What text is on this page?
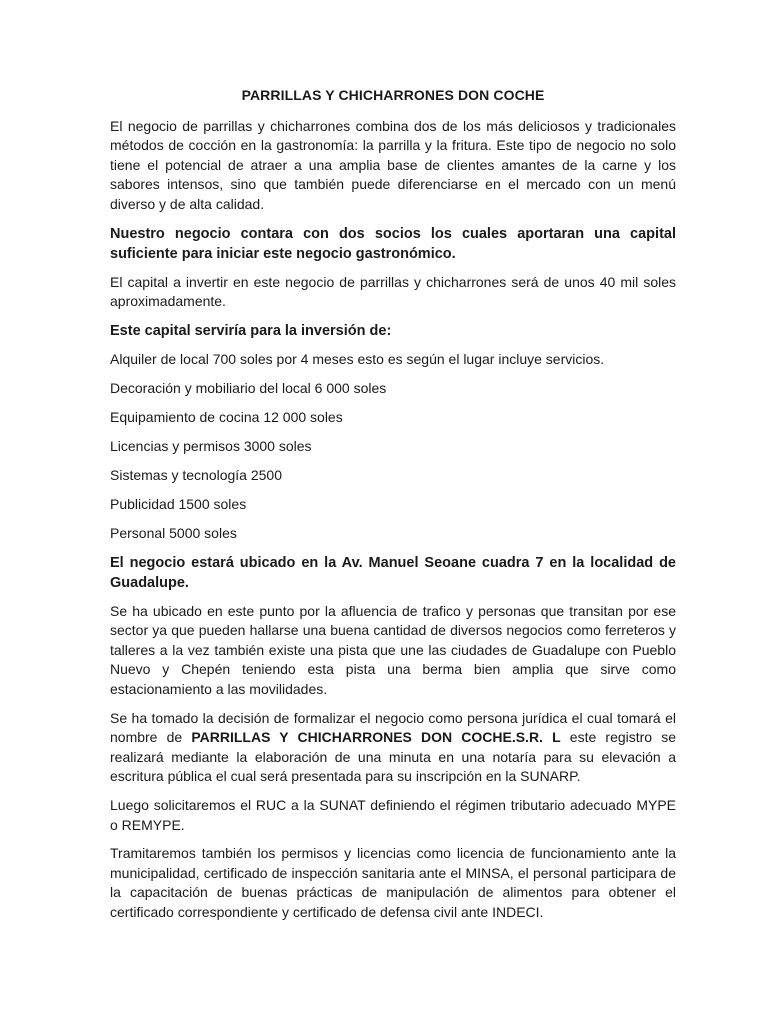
PARRILLAS Y CHICHARRONES DON COCHE

El negocio de parrillas y chicharrones combina dos de los más deliciosos y tradicionales métodos de cocción en la gastronomía: la parrilla y la fritura. Este tipo de negocio no solo tiene el potencial de atraer a una amplia base de clientes amantes de la carne y los sabores intensos, sino que también puede diferenciarse en el mercado con un menú diverso y de alta calidad.

Nuestro negocio contara con dos socios los cuales aportaran una capital suficiente para iniciar este negocio gastronómico.

El capital a invertir en este negocio de parrillas y chicharrones será de unos 40 mil soles aproximadamente.

Este capital serviría para la inversión de:
Alquiler de local 700 soles por 4 meses esto es según el lugar incluye servicios.
Decoración y mobiliario del local 6 000 soles
Equipamiento de cocina 12 000 soles
Licencias y permisos 3000 soles
Sistemas y tecnología 2500
Publicidad 1500 soles
Personal 5000 soles
El negocio estará ubicado en la Av. Manuel Seoane cuadra 7 en la localidad de Guadalupe.

Se ha ubicado en este punto por la afluencia de trafico y personas que transitan por ese sector ya que pueden hallarse una buena cantidad de diversos negocios como ferreteros y talleres a la vez también existe una pista que une las ciudades de Guadalupe con Pueblo Nuevo y Chepén teniendo esta pista una berma bien amplia que sirve como estacionamiento a las movilidades.

Se ha tomado la decisión de formalizar el negocio como persona jurídica el cual tomará el nombre de PARRILLAS Y CHICHARRONES DON COCHE.S.R. L este registro se realizará mediante la elaboración de una minuta en una notaría para su elevación a escritura pública el cual será presentada para su inscripción en la SUNARP.

Luego solicitaremos el RUC a la SUNAT definiendo el régimen tributario adecuado MYPE o REMYPE.

Tramitaremos también los permisos y licencias como licencia de funcionamiento ante la municipalidad, certificado de inspección sanitaria ante el MINSA, el personal participara de la capacitación de buenas prácticas de manipulación de alimentos para obtener el certificado correspondiente y certificado de defensa civil ante INDECI.
